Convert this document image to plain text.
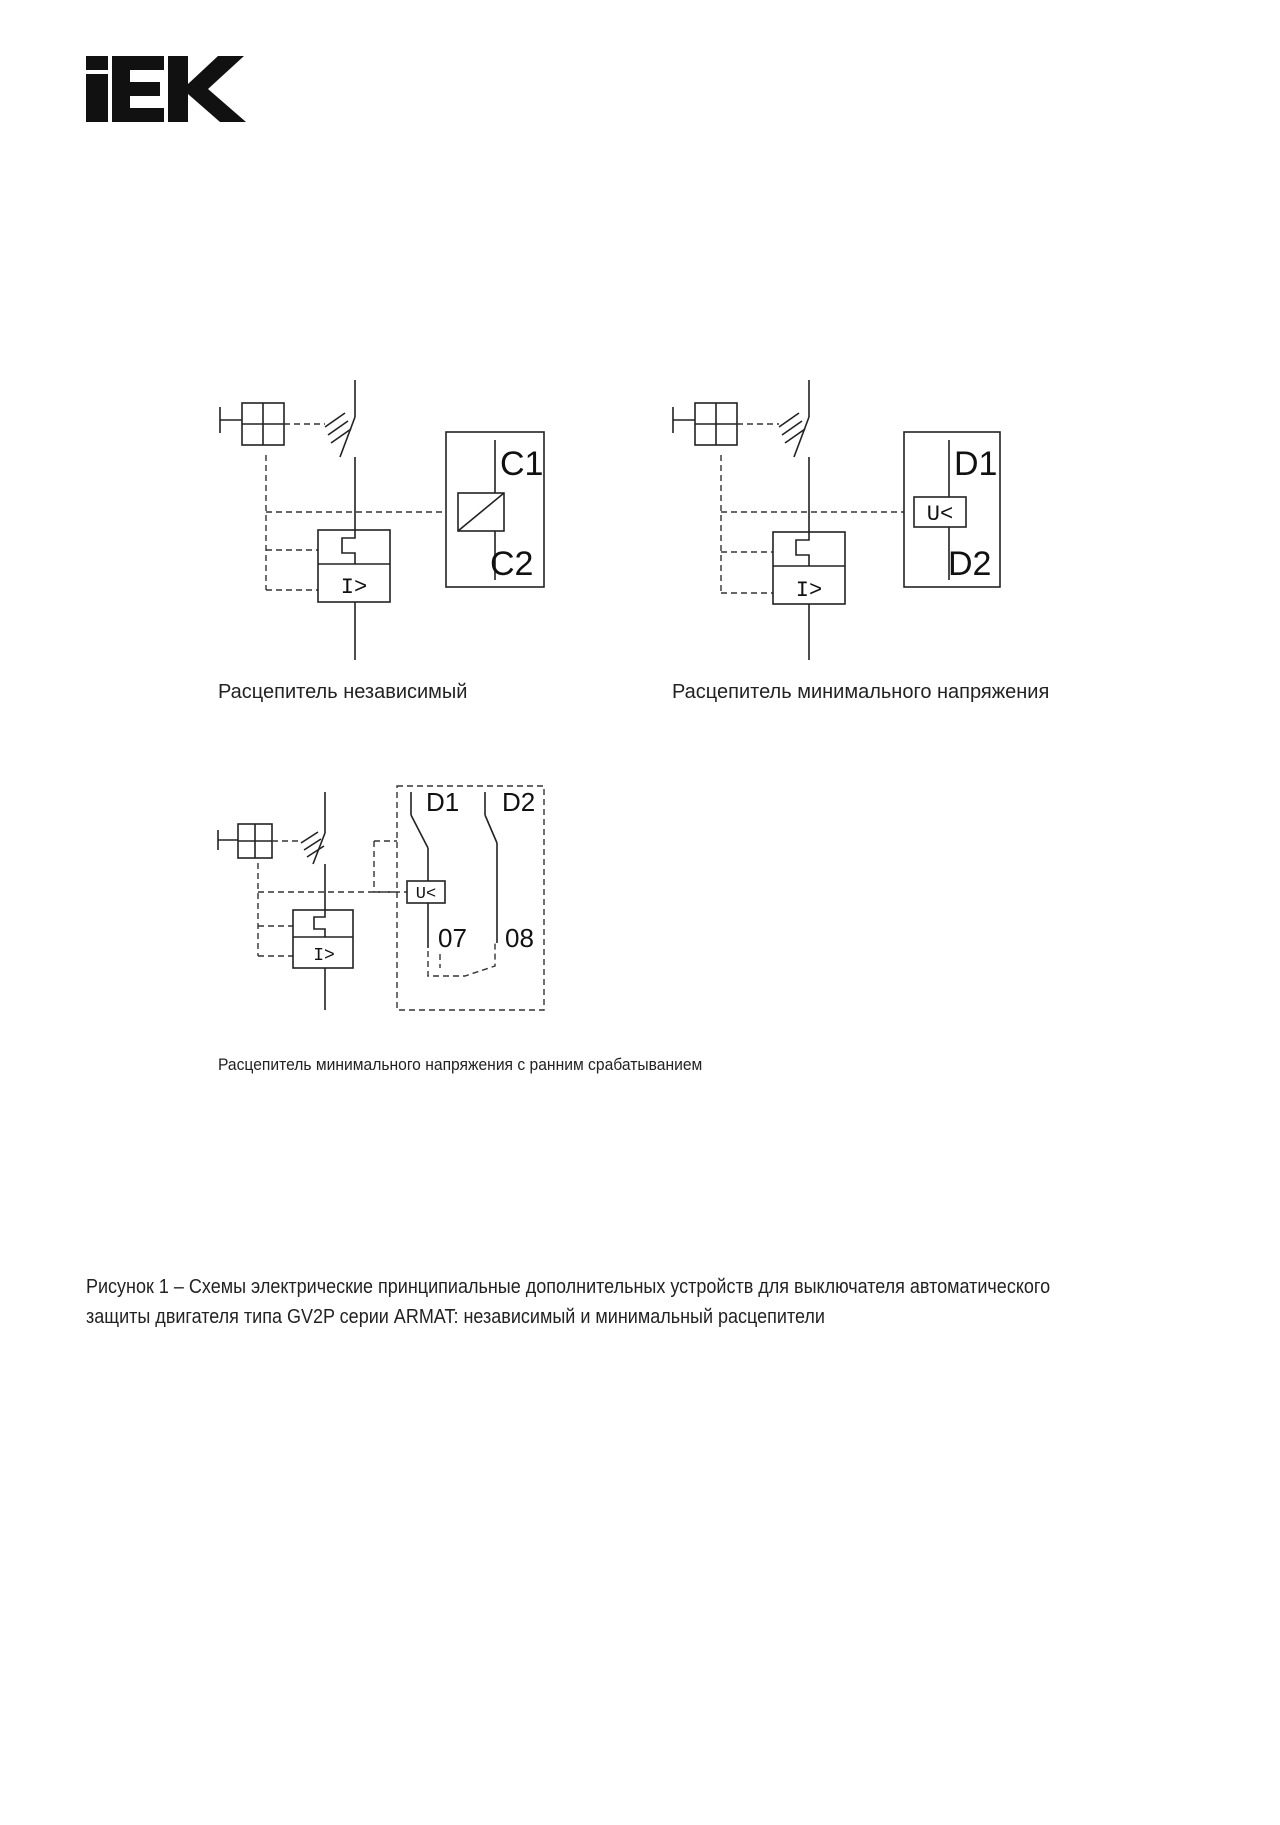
I>
C1
C2
Расцепитель независимый
I>
U<
D1
D2
Расцепитель минимального напряжения
I>
U<
D1 D2
07 08
Расцепитель минимального напряжения с ранним срабатыванием
Рисунок 1 – Схемы электрические принципиальные дополнительных устройств для выключателя автоматического защиты двигателя типа GV2P серии ARMAT: независимый и минимальный расцепители
